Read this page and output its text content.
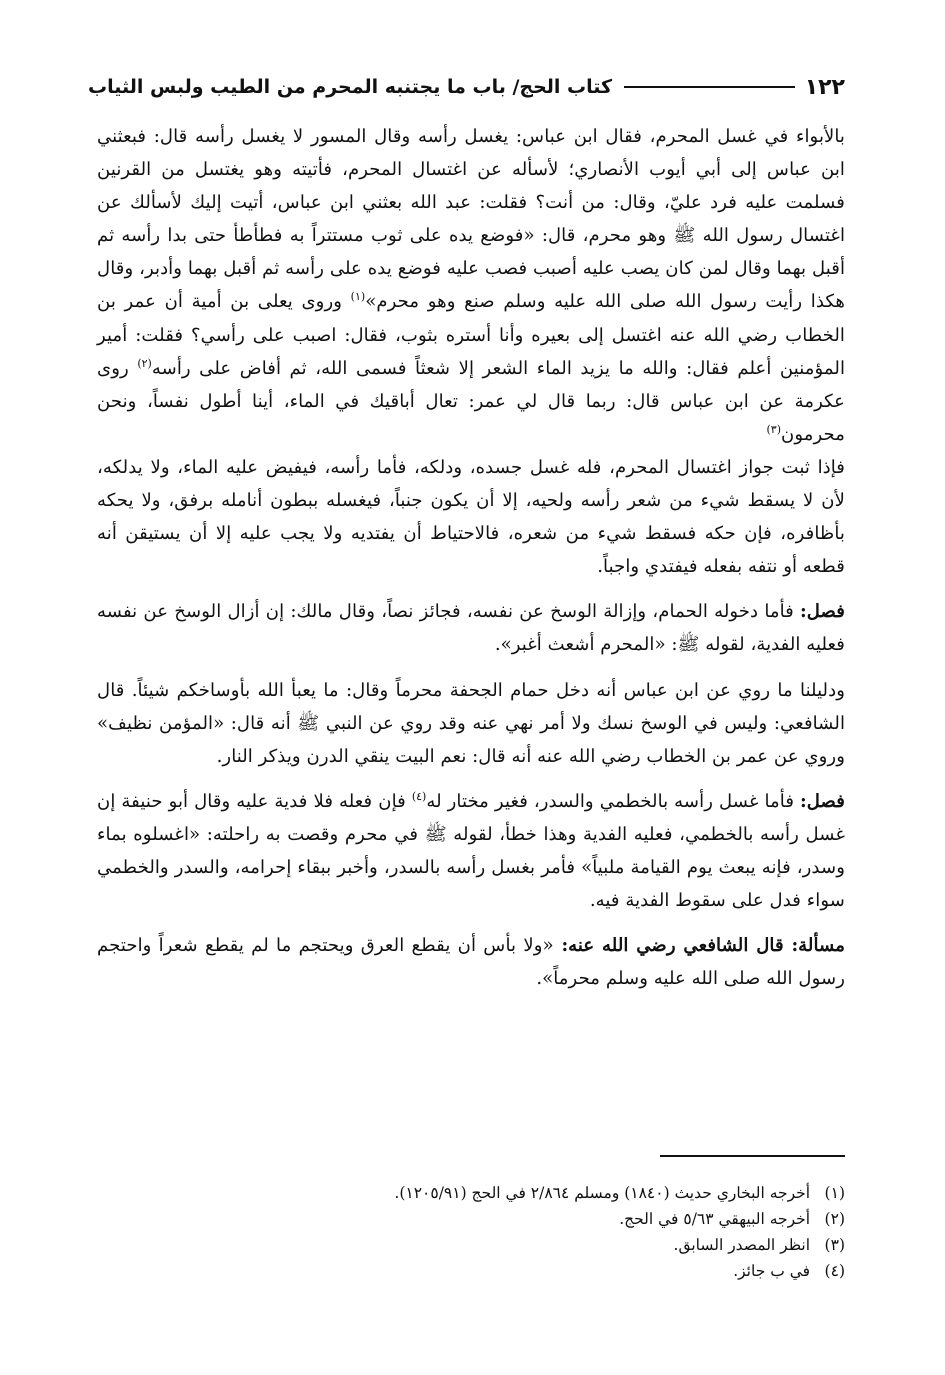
١٢٢
كتاب الحج/ باب ما يجتنبه المحرم من الطيب ولبس الثياب

بالأبواء في غسل المحرم، فقال ابن عباس: يغسل رأسه وقال المسور لا يغسل رأسه قال: فبعثني ابن عباس إلى أبي أيوب الأنصاري؛ لأسأله عن اغتسال المحرم، فأتيته وهو يغتسل من القرنين فسلمت عليه فرد عليّ، وقال: من أنت؟ فقلت: عبد الله بعثني ابن عباس، أتيت إليك لأسألك عن اغتسال رسول الله ﷺ وهو محرم، قال: «فوضع يده على ثوب مستتراً به فطأطأ حتى بدا رأسه ثم أقبل بهما وقال لمن كان يصب عليه أصبب فصب عليه فوضع يده على رأسه ثم أقبل بهما وأدبر، وقال هكذا رأيت رسول الله صلى الله عليه وسلم صنع وهو محرم»$^{(١)}$ وروى يعلى بن أمية أن عمر بن الخطاب رضي الله عنه اغتسل إلى بعيره وأنا أستره بثوب، فقال: اصبب على رأسي؟ فقلت: أمير المؤمنين أعلم فقال: والله ما يزيد الماء الشعر إلا شعثاً فسمى الله، ثم أفاض على رأسه$^{(٢)}$ روى عكرمة عن ابن عباس قال: ربما قال لي عمر: تعال أباقيك في الماء، أينا أطول نفساً، ونحن محرمون$^{(٣)}$

فإذا ثبت جواز اغتسال المحرم، فله غسل جسده، ودلكه، فأما رأسه، فيفيض عليه الماء، ولا يدلكه، لأن لا يسقط شيء من شعر رأسه ولحيه، إلا أن يكون جنباً، فيغسله ببطون أنامله برفق، ولا يحكه بأظافره، فإن حكه فسقط شيء من شعره، فالاحتياط أن يفتديه ولا يجب عليه إلا أن يستيقن أنه قطعه أو نتفه بفعله فيفتدي واجباً.

فصل: فأما دخوله الحمام، وإزالة الوسخ عن نفسه، فجائز نصاً، وقال مالك: إن أزال الوسخ عن نفسه فعليه الفدية، لقوله ﷺ: «المحرم أشعث أغبر».

ودليلنا ما روي عن ابن عباس أنه دخل حمام الجحفة محرماً وقال: ما يعبأ الله بأوساخكم شيئاً. قال الشافعي: وليس في الوسخ نسك ولا أمر نهي عنه وقد روي عن النبي ﷺ أنه قال: «المؤمن نظيف» وروي عن عمر بن الخطاب رضي الله عنه أنه قال: نعم البيت ينقي الدرن ويذكر النار.

فصل: فأما غسل رأسه بالخطمي والسدر، فغير مختار له$^{(٤)}$ فإن فعله فلا فدية عليه وقال أبو حنيفة إن غسل رأسه بالخطمي، فعليه الفدية وهذا خطأ، لقوله ﷺ في محرم وقصت به راحلته: «اغسلوه بماء وسدر، فإنه يبعث يوم القيامة ملبياً» فأمر بغسل رأسه بالسدر، وأخبر ببقاء إحرامه، والسدر والخطمي سواء فدل على سقوط الفدية فيه.

مسألة: قال الشافعي رضي الله عنه: «ولا بأس أن يقطع العرق ويحتجم ما لم يقطع شعراً واحتجم رسول الله صلى الله عليه وسلم محرماً».

(١) أخرجه البخاري حديث (١٨٤٠) ومسلم ٢/٨٦٤ في الحج (١٢٠٥/٩١).

(٢) أخرجه البيهقي ٥/٦٣ في الحج.

(٣) انظر المصدر السابق.

(٤) في ب جائز.
